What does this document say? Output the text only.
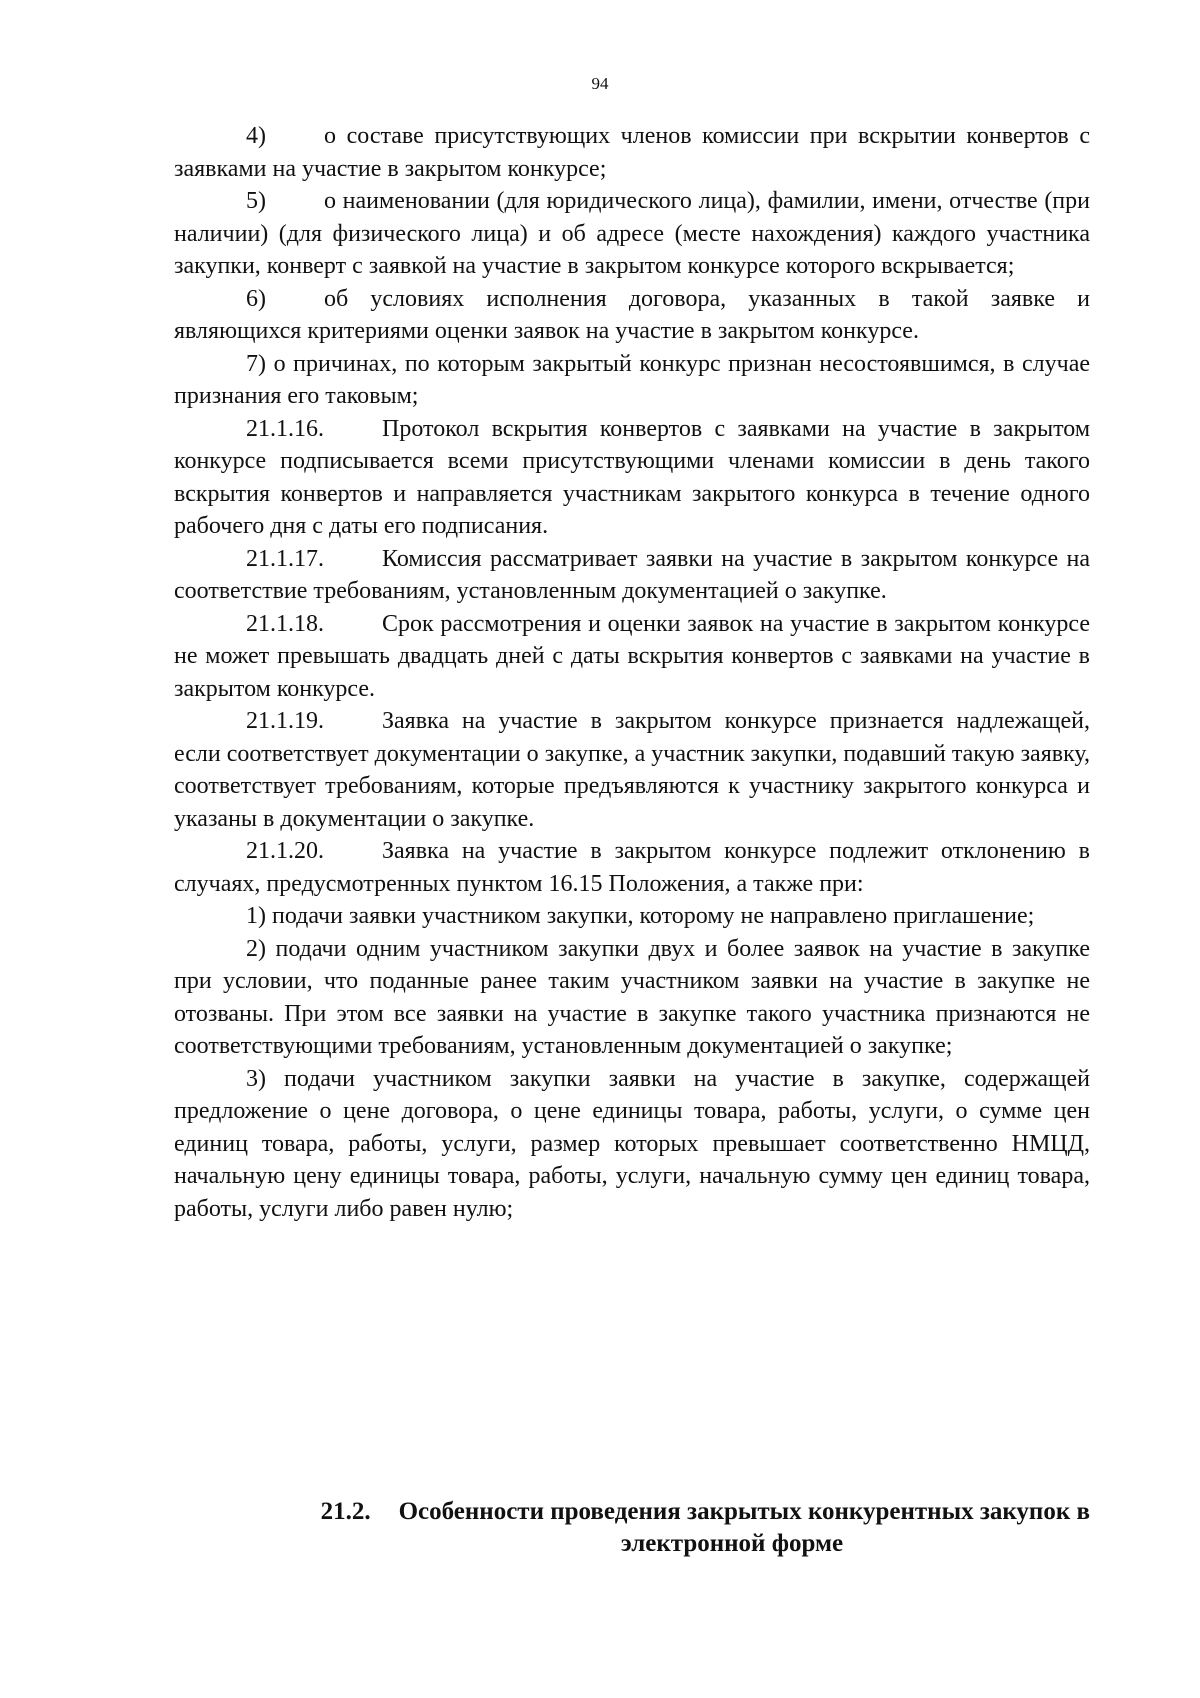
94

4) о составе присутствующих членов комиссии при вскрытии конвертов с заявками на участие в закрытом конкурсе;

5) о наименовании (для юридического лица), фамилии, имени, отчестве (при наличии) (для физического лица) и об адресе (месте нахождения) каждого участника закупки, конверт с заявкой на участие в закрытом конкурсе которого вскрывается;

6) об условиях исполнения договора, указанных в такой заявке и являющихся критериями оценки заявок на участие в закрытом конкурсе.

7) о причинах, по которым закрытый конкурс признан несостоявшимся, в случае признания его таковым;

21.1.16. Протокол вскрытия конвертов с заявками на участие в закрытом конкурсе подписывается всеми присутствующими членами комиссии в день такого вскрытия конвертов и направляется участникам закрытого конкурса в течение одного рабочего дня с даты его подписания.

21.1.17. Комиссия рассматривает заявки на участие в закрытом конкурсе на соответствие требованиям, установленным документацией о закупке.

21.1.18. Срок рассмотрения и оценки заявок на участие в закрытом конкурсе не может превышать двадцать дней с даты вскрытия конвертов с заявками на участие в закрытом конкурсе.

21.1.19. Заявка на участие в закрытом конкурсе признается надлежащей, если соответствует документации о закупке, а участник закупки, подавший такую заявку, соответствует требованиям, которые предъявляются к участнику закрытого конкурса и указаны в документации о закупке.

21.1.20. Заявка на участие в закрытом конкурсе подлежит отклонению в случаях, предусмотренных пунктом 16.15 Положения, а также при:

1) подачи заявки участником закупки, которому не направлено приглашение;

2) подачи одним участником закупки двух и более заявок на участие в закупке при условии, что поданные ранее таким участником заявки на участие в закупке не отозваны. При этом все заявки на участие в закупке такого участника признаются не соответствующими требованиям, установленным документацией о закупке;

3) подачи участником закупки заявки на участие в закупке, содержащей предложение о цене договора, о цене единицы товара, работы, услуги, о сумме цен единиц товара, работы, услуги, размер которых превышает соответственно НМЦД, начальную цену единицы товара, работы, услуги, начальную сумму цен единиц товара, работы, услуги либо равен нулю;

21.2. Особенности проведения закрытых конкурентных закупок в
электронной форме
